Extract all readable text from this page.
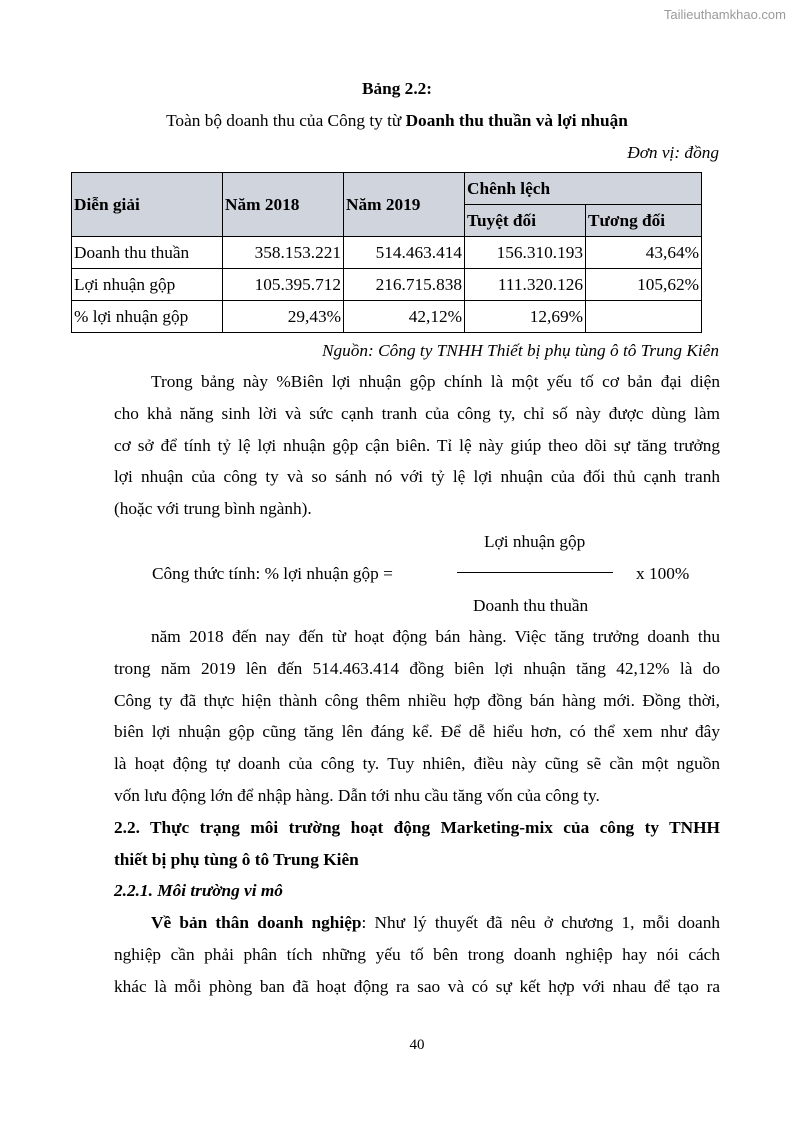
Tailieuthamkhao.com
Bảng 2.2:
Toàn bộ doanh thu của Công ty từ Doanh thu thuần và lợi nhuận
Đơn vị: đồng
Diễn giải	Năm 2018	Năm 2019	Chênh lệch	
			Tuyệt đối	Tương đối
Doanh thu thuần	358.153.221	514.463.414	156.310.193	43,64%
Lợi nhuận gộp	105.395.712	216.715.838	111.320.126	105,62%
% lợi nhuận gộp	29,43%	42,12%	12,69%	
Nguồn: Công ty TNHH Thiết bị phụ tùng ô tô Trung Kiên
Trong bảng này %Biên lợi nhuận gộp chính là một yếu tố cơ bản đại diện
cho khả năng sinh lời và sức cạnh tranh của công ty, chỉ số này được dùng làm
cơ sở để tính tỷ lệ lợi nhuận gộp cận biên. Tỉ lệ này giúp theo dõi sự tăng trưởng
lợi nhuận của công ty và so sánh nó với tỷ lệ lợi nhuận của đối thủ cạnh tranh
(hoặc với trung bình ngành).
Lợi nhuận gộp
Công thức tính: % lợi nhuận gộp =	x 100%
Doanh thu thuần
năm 2018 đến nay đến từ hoạt động bán hàng. Việc tăng trưởng doanh thu
trong năm 2019 lên đến 514.463.414 đồng biên lợi nhuận tăng 42,12% là do
Công ty đã thực hiện thành công thêm nhiều hợp đồng bán hàng mới. Đồng thời,
biên lợi nhuận gộp cũng tăng lên đáng kể. Để dễ hiểu hơn, có thể xem như đây
là hoạt động tự doanh của công ty. Tuy nhiên, điều này cũng sẽ cần một nguồn
vốn lưu động lớn để nhập hàng. Dẫn tới nhu cầu tăng vốn của công ty.
2.2. Thực trạng môi trường hoạt động Marketing-mix của công ty TNHH
thiết bị phụ tùng ô tô Trung Kiên
2.2.1. Môi trường vi mô
Về bản thân doanh nghiệp: Như lý thuyết đã nêu ở chương 1, mỗi doanh
nghiệp cần phải phân tích những yếu tố bên trong doanh nghiệp hay nói cách
khác là mỗi phòng ban đã hoạt động ra sao và có sự kết hợp với nhau để tạo ra
40
